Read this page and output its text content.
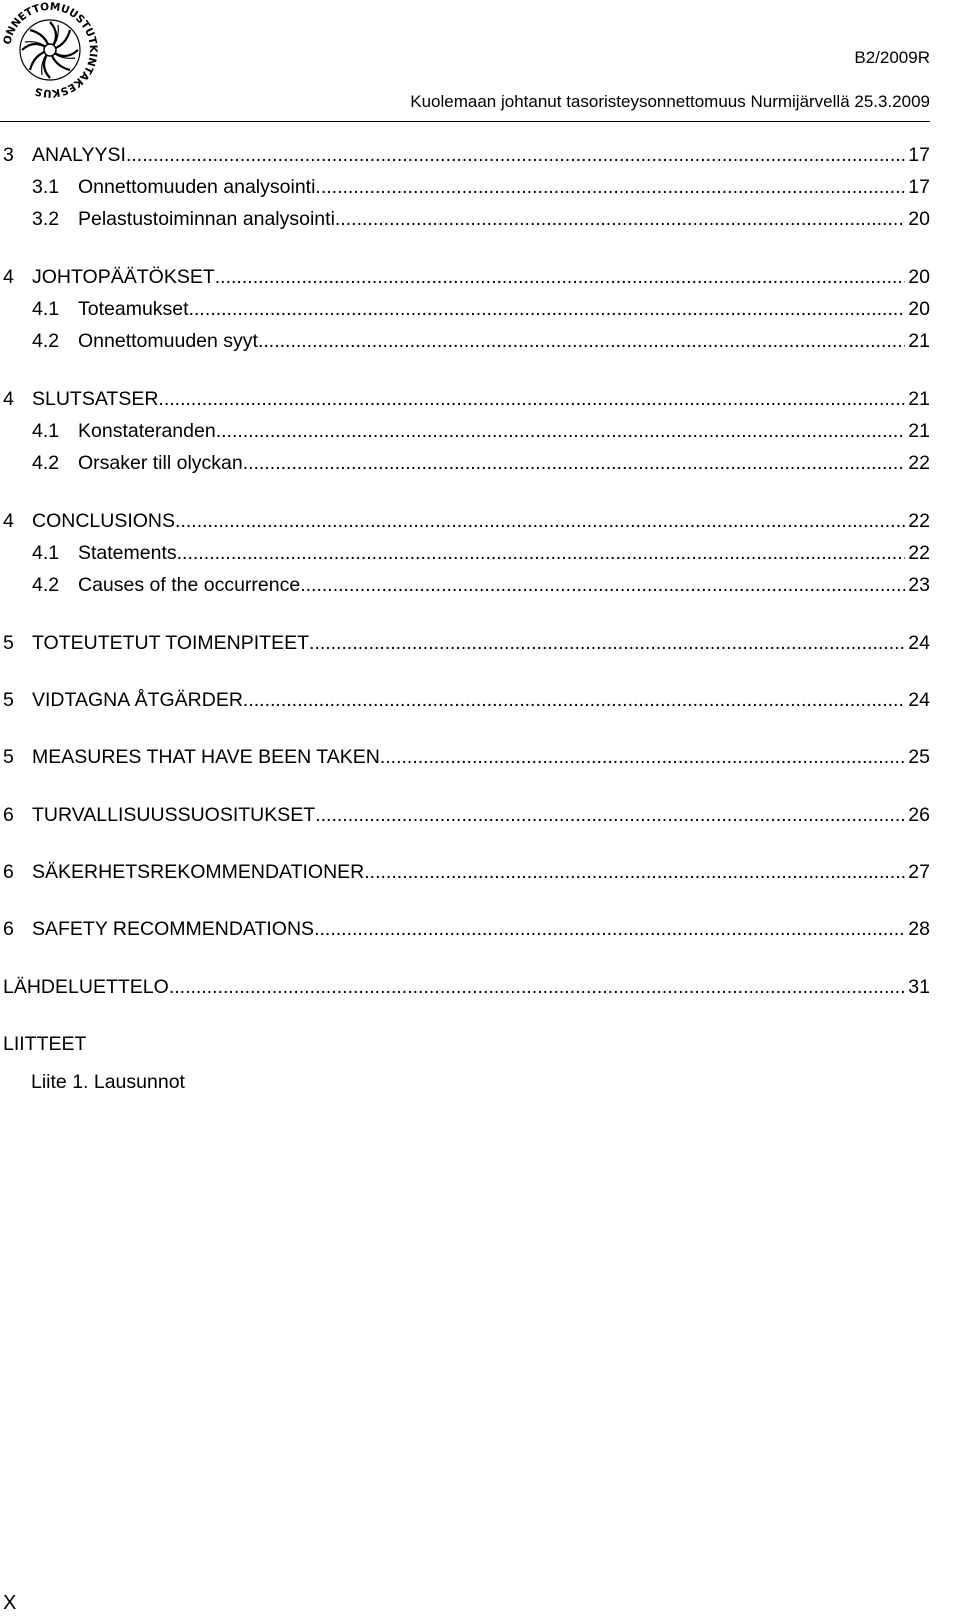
ONNETTOMUUSTUTKINTAKESKUS
B2/2009R
Kuolemaan johtanut tasoristeysonnettomuus Nurmijärvellä 25.3.2009
3 ANALYYSI .....	17
3.1 Onnettomuuden analysointi .....	17
3.2 Pelastustoiminnan analysointi .....	20
4 JOHTOPÄÄTÖKSET .....	20
4.1 Toteamukset .....	20
4.2 Onnettomuuden syyt .....	21
4 SLUTSATSER .....	21
4.1 Konstateranden .....	21
4.2 Orsaker till olyckan .....	22
4 CONCLUSIONS .....	22
4.1 Statements .....	22
4.2 Causes of the occurrence .....	23
5 TOTEUTETUT TOIMENPITEET .....	24
5 VIDTAGNA ÅTGÄRDER .....	24
5 MEASURES THAT HAVE BEEN TAKEN .....	25
6 TURVALLISUUSSUOSITUKSET .....	26
6 SÄKERHETSREKOMMENDATIONER .....	27
6 SAFETY RECOMMENDATIONS .....	28
LÄHDELUETTELO .....	31
LIITTEET
Liite 1. Lausunnot
X
